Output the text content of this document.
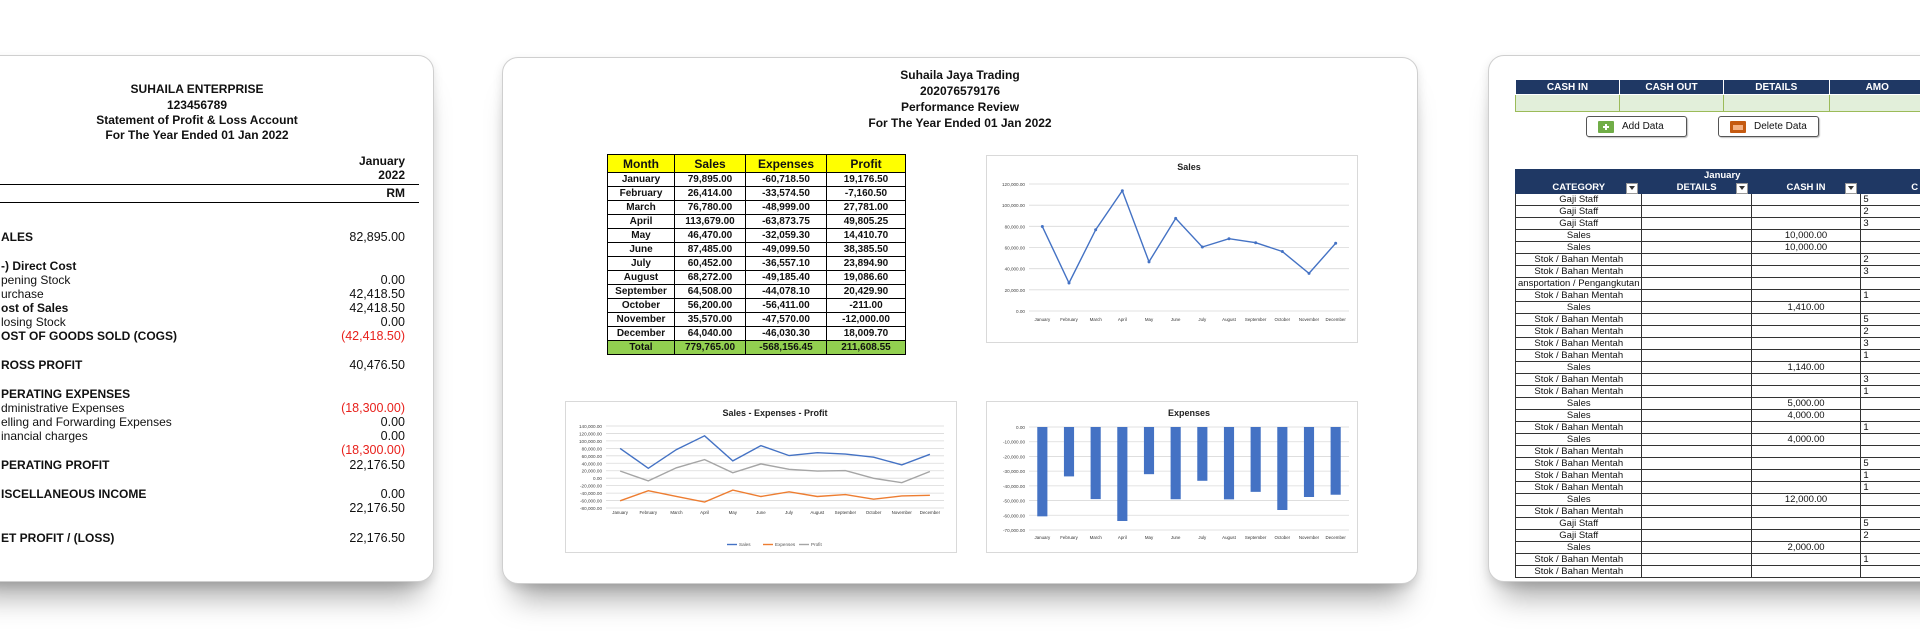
SUHAILA ENTERPRISE
123456789
Statement of Profit & Loss Account
For The Year Ended 01 Jan 2022
January
2022
RM
ALES	82,895.00
-) Direct Cost
pening Stock	0.00
urchase	42,418.50
ost of Sales	42,418.50
losing Stock	0.00
OST OF GOODS SOLD (COGS)	(42,418.50)
ROSS PROFIT	40,476.50
PERATING EXPENSES
dministrative Expenses	(18,300.00)
elling and Forwarding Expenses	0.00
inancial charges	0.00
(18,300.00)
PERATING PROFIT	22,176.50
ISCELLANEOUS INCOME	0.00
22,176.50
ET PROFIT / (LOSS)	22,176.50
Suhaila Jaya Trading
202076579176
Performance Review
For The Year Ended 01 Jan 2022
Month	Sales	Expenses	Profit
January	79,895.00	-60,718.50	19,176.50
February	26,414.00	-33,574.50	-7,160.50
March	76,780.00	-48,999.00	27,781.00
April	113,679.00	-63,873.75	49,805.25
May	46,470.00	-32,059.30	14,410.70
June	87,485.00	-49,099.50	38,385.50
July	60,452.00	-36,557.10	23,894.90
August	68,272.00	-49,185.40	19,086.60
September	64,508.00	-44,078.10	20,429.90
October	56,200.00	-56,411.00	-211.00
November	35,570.00	-47,570.00	-12,000.00
December	64,040.00	-46,030.30	18,009.70
Total	779,765.00	-568,156.45	211,608.55
Sales
0.00
20,000.00
40,000.00
60,000.00
80,000.00
100,000.00
120,000.00
January February	March	April	May	June	July	August September October November December
Sales - Expenses - Profit
-80,000.00
-60,000.00
-40,000.00
-20,000.00
0.00
20,000.00
40,000.00
60,000.00
80,000.00
100,000.00
120,000.00
140,000.00
January	February	March	April	May	June	July	August September October November December
Sales	Expenses	Profit
Expenses
-70,000.00
-60,000.00
-50,000.00
-40,000.00
-30,000.00
-20,000.00
-10,000.00
0.00
January February	March	April	May	June	July	August September October November December
CASH IN	CASH OUT	DETAILS	AMO

Add Data	Delete Data
January			
CATEGORY	DETAILS	CASH IN	C
Gaji Staff			5
Gaji Staff			2
Gaji Staff			3
Sales		10,000.00	
Sales		10,000.00	
Stok / Bahan Mentah			2
Stok / Bahan Mentah			3
ansportation / Pengangkutan			
Stok / Bahan Mentah			1
Sales		1,410.00	
Stok / Bahan Mentah			5
Stok / Bahan Mentah			2
Stok / Bahan Mentah			3
Stok / Bahan Mentah			1
Sales		1,140.00	
Stok / Bahan Mentah			3
Stok / Bahan Mentah			1
Sales		5,000.00	
Sales		4,000.00	
Stok / Bahan Mentah			1
Sales		4,000.00	
Stok / Bahan Mentah			
Stok / Bahan Mentah			5
Stok / Bahan Mentah			1
Stok / Bahan Mentah			1
Sales		12,000.00	
Stok / Bahan Mentah			
Gaji Staff			5
Gaji Staff			2
Sales		2,000.00	
Stok / Bahan Mentah			1
Stok / Bahan Mentah			
